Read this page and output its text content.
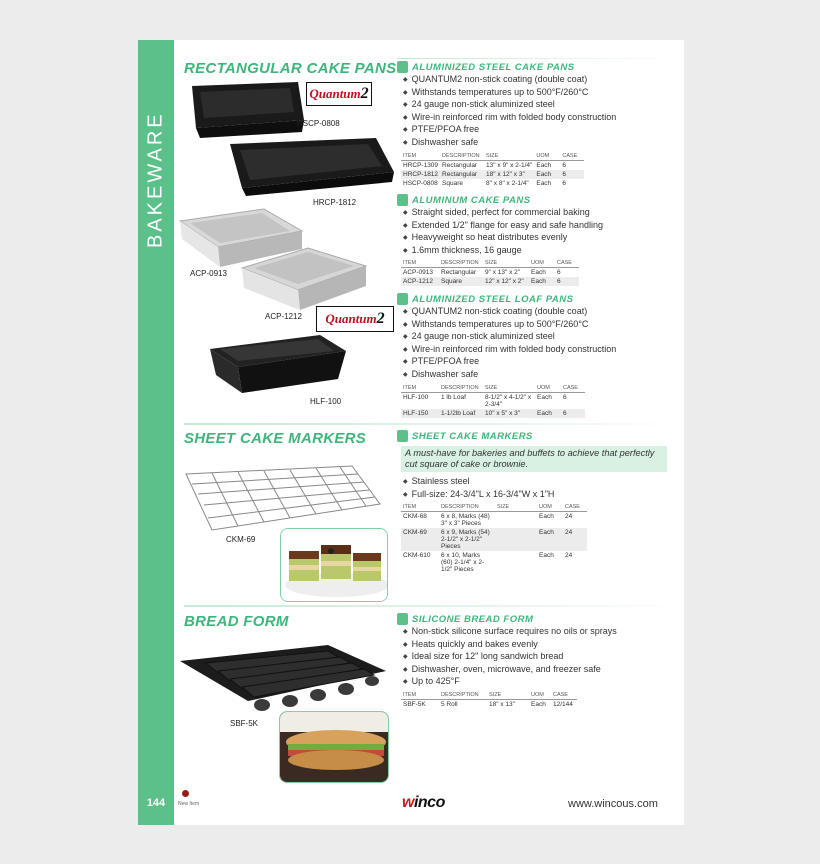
BAKEWARE
144
RECTANGULAR CAKE PANS
SHEET CAKE MARKERS
BREAD FORM
HSCP-0808
Quantum 2
HRCP-1812
ACP-0913
ACP-1212 Quantum 2
HLF-100
CKM-69
SBF-5K
ALUMINIZED STEEL CAKE PANS
◆ QUANTUM2 non-stick coating (double coat)
◆ Withstands temperatures up to 500°F/260°C
◆ 24 gauge non-stick aluminized steel
◆ Wire-in reinforced rim with folded body construction
◆ PTFE/PFOA free
◆ Dishwasher safe
ITEM	DESCRIPTION	SIZE	UOM	CASE
HRCP-1309	Rectangular	13" x 9" x 2-1/4"	Each	6
HRCP-1812	Rectangular	18" x 12" x 3"	Each	6
HSCP-0808	Square	8" x 8" x 2-1/4"	Each	6
ALUMINUM CAKE PANS
◆ Straight sided, perfect for commercial baking
◆ Extended 1/2" flange for easy and safe handling
◆ Heavyweight so heat distributes evenly
◆ 1.6mm thickness, 16 gauge
ITEM	DESCRIPTION	SIZE	UOM	CASE
ACP-0913	Rectangular	9" x 13" x 2"	Each	6
ACP-1212	Square	12" x 12" x 2"	Each	6
ALUMINIZED STEEL LOAF PANS
◆ QUANTUM2 non-stick coating (double coat)
◆ Withstands temperatures up to 500°F/260°C
◆ 24 gauge non-stick aluminized steel
◆ Wire-in reinforced rim with folded body construction
◆ PTFE/PFOA free
◆ Dishwasher safe
ITEM	DESCRIPTION	SIZE	UOM	CASE
HLF-100	1 lb Loaf	8-1/2" x 4-1/2" x 2-3/4"	Each	6
HLF-150	1-1/2lb Loaf	10" x 5" x 3"	Each	6
SHEET CAKE MARKERS
A must-have for bakeries and buffets to achieve that perfectly cut square of cake or brownie.
◆ Stainless steel
◆ Full-size: 24-3/4"L x 16-3/4"W x 1"H
ITEM	DESCRIPTION	SIZE	UOM	CASE
CKM-68	6 x 8, Marks (48) 3" x 3" Pieces		Each	24
CKM-69	6 x 9, Marks (54) 2-1/2" x 2-1/2" Pieces		Each	24
CKM-610	6 x 10, Marks (60) 2-1/4" x 2-1/2" Pieces		Each	24
SILICONE BREAD FORM
◆ Non-stick silicone surface requires no oils or sprays
◆ Heats quickly and bakes evenly
◆ Ideal size for 12" long sandwich bread
◆ Dishwasher, oven, microwave, and freezer safe
◆ Up to 425°F
ITEM	DESCRIPTION	SIZE	UOM	CASE
SBF-5K	5 Roll	18" x 13"	Each	12/144
New Item	winco	www.wincous.com
